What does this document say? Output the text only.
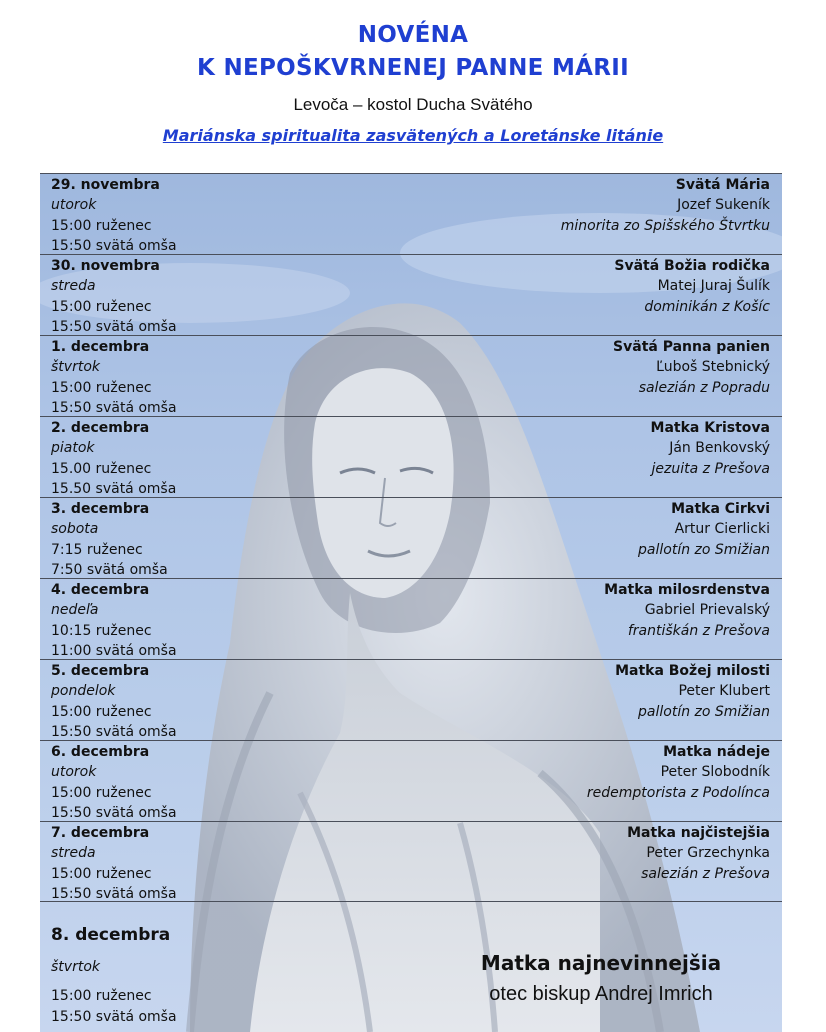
NOVÉNA
K NEPOŠKVRNENEJ PANNE MÁRII
Levoča – kostol Ducha Svätého
Mariánska spiritualita zasvätených a Loretánske litánie
29. novembra
utorok
15:00 ruženec
15:50 svätá omša
Svätá Mária
Jozef Sukeník
minorita zo Spišského Štvrtku
30. novembra
streda
15:00 ruženec
15:50 svätá omša
Svätá Božia rodička
Matej Juraj Šulík
dominikán z Košíc
1. decembra
štvrtok
15:00 ruženec
15:50 svätá omša
Svätá Panna panien
Ľuboš Stebnický
salezián z Popradu
2. decembra
piatok
15.00 ruženec
15.50 svätá omša
Matka Kristova
Ján Benkovský
jezuita z Prešova
3. decembra
sobota
7:15 ruženec
7:50 svätá omša
Matka Cirkvi
Artur Cierlicki
pallotín zo Smižian
4. decembra
nedeľa
10:15 ruženec
11:00 svätá omša
Matka milosrdenstva
Gabriel Prievalský
františkán z Prešova
5. decembra
pondelok
15:00 ruženec
15:50 svätá omša
Matka Božej milosti
Peter Klubert
pallotín zo Smižian
6. decembra
utorok
15:00 ruženec
15:50 svätá omša
Matka nádeje
Peter Slobodník
redemptorista z Podolínca
7. decembra
streda
15:00 ruženec
15:50 svätá omša
Matka najčistejšia
Peter Grzechynka
salezián z Prešova
8. decembra
štvrtok
15:00 ruženec
15:50 svätá omša
Matka najnevinnejšia
otec biskup Andrej Imrich
